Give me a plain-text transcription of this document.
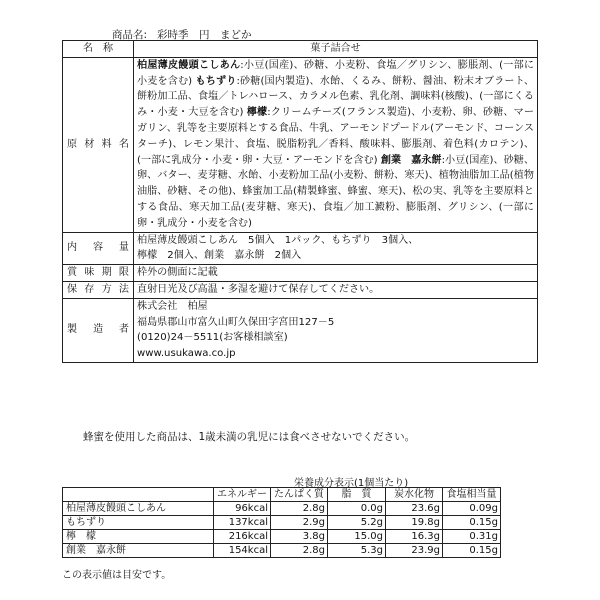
商品名: 彩時季　円　まどか
名　称	菓子詰合せ
原材料名	柏屋薄皮饅頭こしあん:小豆(国産)、砂糖、小麦粉、食塩／グリシン、膨脹剤、(一部に小麦を含む) もちずり:砂糖(国内製造)、水飴、くるみ、餅粉、醤油、粉末オブラート、餅粉加工品、食塩／トレハロース、カラメル色素、乳化剤、調味料(核酸)、(一部にくるみ・小麦・大豆を含む) 檸檬:クリームチーズ(フランス製造)、小麦粉、卵、砂糖、マーガリン、乳等を主要原料とする食品、牛乳、アーモンドプードル(アーモンド、コーンスターチ)、レモン果汁、食塩、脱脂粉乳／香料、酸味料、膨脹剤、着色料(カロテン)、(一部に乳成分・小麦・卵・大豆・アーモンドを含む) 創業　嘉永餅:小豆(国産)、砂糖、卵、バター、麦芽糖、水飴、小麦粉加工品(小麦粉、餅粉、寒天)、植物油脂加工品(植物油脂、砂糖、その他)、蜂蜜加工品(精製蜂蜜、蜂蜜、寒天)、松の実、乳等を主要原料とする食品、寒天加工品(麦芽糖、寒天)、食塩／加工澱粉、膨脹剤、グリシン、(一部に卵・乳成分・小麦を含む)

内容量	柏屋薄皮饅頭こしあん　5個入　1パック、もちずり　3個入、
檸檬　2個入、創業　嘉永餅　2個入

賞味期限	枠外の側面に記載
保存方法	直射日光及び高温・多湿を避けて保存してください。
製造者	株式会社　柏屋
福島県郡山市富久山町久保田字宮田127－5
(0120)24－5511(お客様相談室)
www.usukawa.co.jp
蜂蜜を使用した商品は、1歳未満の乳児には食べさせないでください。
栄養成分表示(1個当たり)
	エネルギー	たんぱく質	脂　質	炭水化物	食塩相当量
柏屋薄皮饅頭こしあん	96kcal	2.8g	0.0g	23.6g	0.09g
もちずり	137kcal	2.9g	5.2g	19.8g	0.15g
檸　檬	216kcal	3.8g	15.0g	16.3g	0.31g
創業　嘉永餅	154kcal	2.8g	5.3g	23.9g	0.15g
この表示値は目安です。
